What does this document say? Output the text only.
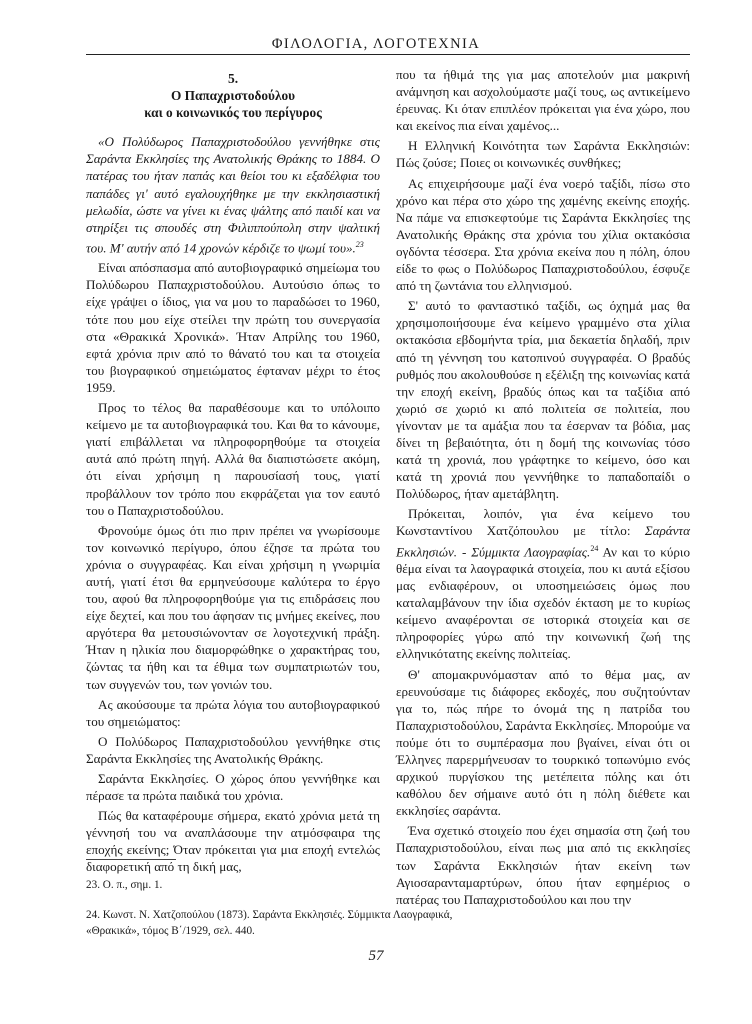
ΦΙΛΟΛΟΓΙΑ, ΛΟΓΟΤΕΧΝΙΑ
5.
Ο Παπαχριστοδούλου
και ο κοινωνικός του περίγυρος

«Ο Πολύδωρος Παπαχριστοδούλου γεννήθηκε στις Σαράντα Εκκλησίες της Ανατολικής Θράκης το 1884. Ο πατέρας του ήταν παπάς και θείοι του κι εξαδέλφια του παπάδες γι' αυτό εγαλουχήθηκε με την εκκλησιαστική μελωδία, ώστε να γίνει κι ένας ψάλτης από παιδί και να στηρίξει τις σπουδές στη Φιλιππούπολη στην ψαλτική του. Μ' αυτήν από 14 χρονών κέρδιζε το ψωμί του».$^{23}$

Είναι απόσπασμα από αυτοβιογραφικό σημείωμα του Πολύδωρου Παπαχριστοδούλου. Αυτούσιο όπως το είχε γράψει ο ίδιος, για να μου το παραδώσει το 1960, τότε που μου είχε στείλει την πρώτη του συνεργασία στα «Θρακικά Χρονικά». Ήταν Απρίλης του 1960, εφτά χρόνια πριν από το θάνατό του και τα στοιχεία του βιογραφικού σημειώματος έφταναν μέχρι το έτος 1959.

Προς το τέλος θα παραθέσουμε και το υπόλοιπο κείμενο με τα αυτοβιογραφικά του. Και θα το κάνουμε, γιατί επιβάλλεται να πληροφορηθούμε τα στοιχεία αυτά από πρώτη πηγή. Αλλά θα διαπιστώσετε ακόμη, ότι είναι χρήσιμη η παρουσίασή τους, γιατί προβάλλουν τον τρόπο που εκφράζεται για τον εαυτό του ο Παπαχριστοδούλου.

Φρονούμε όμως ότι πιο πριν πρέπει να γνωρίσουμε τον κοινωνικό περίγυρο, όπου έζησε τα πρώτα του χρόνια ο συγγραφέας. Και είναι χρήσιμη η γνωριμία αυτή, γιατί έτσι θα ερμηνεύσουμε καλύτερα το έργο του, αφού θα πληροφορηθούμε για τις επιδράσεις που είχε δεχτεί, και που του άφησαν τις μνήμες εκείνες, που αργότερα θα μετουσιώνονταν σε λογοτεχνική πράξη. Ήταν η ηλικία που διαμορφώθηκε ο χαρακτήρας του, ζώντας τα ήθη και τα έθιμα των συμπατριωτών του, των συγγενών του, των γονιών του.

Ας ακούσουμε τα πρώτα λόγια του αυτοβιογραφικού του σημειώματος:

Ο Πολύδωρος Παπαχριστοδούλου γεννήθηκε στις Σαράντα Εκκλησίες της Ανατολικής Θράκης.

Σαράντα Εκκλησίες. Ο χώρος όπου γεννήθηκε και πέρασε τα πρώτα παιδικά του χρόνια.

Πώς θα καταφέρουμε σήμερα, εκατό χρόνια μετά τη γέννησή του να αναπλάσουμε την ατμόσφαιρα της εποχής εκείνης; Όταν πρόκειται για μια εποχή εντελώς διαφορετική από τη δική μας,

που τα ήθιμά της για μας αποτελούν μια μακρινή ανάμνηση και ασχολούμαστε μαζί τους, ως αντικείμενο έρευνας. Κι όταν επιπλέον πρόκειται για ένα χώρο, που και εκείνος πια είναι χαμένος...

Η Ελληνική Κοινότητα των Σαράντα Εκκλησιών: Πώς ζούσε; Ποιες οι κοινωνικές συνθήκες;

Ας επιχειρήσουμε μαζί ένα νοερό ταξίδι, πίσω στο χρόνο και πέρα στο χώρο της χαμένης εκείνης εποχής. Να πάμε να επισκεφτούμε τις Σαράντα Εκκλησίες της Ανατολικής Θράκης στα χρόνια του χίλια οκτακόσια ογδόντα τέσσερα. Στα χρόνια εκείνα που η πόλη, όπου είδε το φως ο Πολύδωρος Παπαχριστοδούλου, έσφυζε από τη ζωντάνια του ελληνισμού.

Σ' αυτό το φανταστικό ταξίδι, ως όχημά μας θα χρησιμοποιήσουμε ένα κείμενο γραμμένο στα χίλια οκτακόσια εβδομήντα τρία, μια δεκαετία δηλαδή, πριν από τη γέννηση του κατοπινού συγγραφέα. Ο βραδύς ρυθμός που ακολουθούσε η εξέλιξη της κοινωνίας κατά την εποχή εκείνη, βραδύς όπως και τα ταξίδια από χωριό σε χωριό κι από πολιτεία σε πολιτεία, που γίνονταν με τα αμάξια που τα έσερναν τα βόδια, μας δίνει τη βεβαιότητα, ότι η δομή της κοινωνίας τόσο κατά τη χρονιά, που γράφτηκε το κείμενο, όσο και κατά τη χρονιά που γεννήθηκε το παπαδοπαίδι ο Πολύδωρος, ήταν αμετάβλητη.

Πρόκειται, λοιπόν, για ένα κείμενο του Κωνσταντίνου Χατζόπουλου με τίτλο: Σαράντα Εκκλησιών. - Σύμμικτα Λαογραφίας.$^{24}$ Αν και το κύριο θέμα είναι τα λαογραφικά στοιχεία, που κι αυτά εξίσου μας ενδιαφέρουν, οι υποσημειώσεις όμως που καταλαμβάνουν την ίδια σχεδόν έκταση με το κυρίως κείμενο αναφέρονται σε ιστορικά στοιχεία και σε πληροφορίες γύρω από την κοινωνική ζωή της ελληνικότατης εκείνης πολιτείας.

Θ' απομακρυνόμασταν από το θέμα μας, αν ερευνούσαμε τις διάφορες εκδοχές, που συζητούνταν για το, πώς πήρε το όνομά της η πατρίδα του Παπαχριστοδούλου, Σαράντα Εκκλησίες. Μπορούμε να πούμε ότι το συμπέρασμα που βγαίνει, είναι ότι οι Έλληνες παρερμήνευσαν το τουρκικό τοπωνύμιο ενός αρχικού πυργίσκου της μετέπειτα πόλης και ότι καθόλου δεν σήμαινε αυτό ότι η πόλη διέθετε και εκκλησίες σαράντα.

Ένα σχετικό στοιχείο που έχει σημασία στη ζωή του Παπαχριστοδούλου, είναι πως μια από τις εκκλησίες των Σαράντα Εκκλησιών ήταν εκείνη των Αγιοσαρανταμαρτύρων, όπου ήταν εφημέριος ο πατέρας του Παπαχριστοδούλου και που την

23. Ο. π., σημ. 1.
24. Κωνστ. Ν. Χατζοπούλου (1873). Σαράντα Εκκλησιές. Σύμμικτα Λαογραφικά,
«Θρακικά», τόμος Β΄/1929, σελ. 440.
57
